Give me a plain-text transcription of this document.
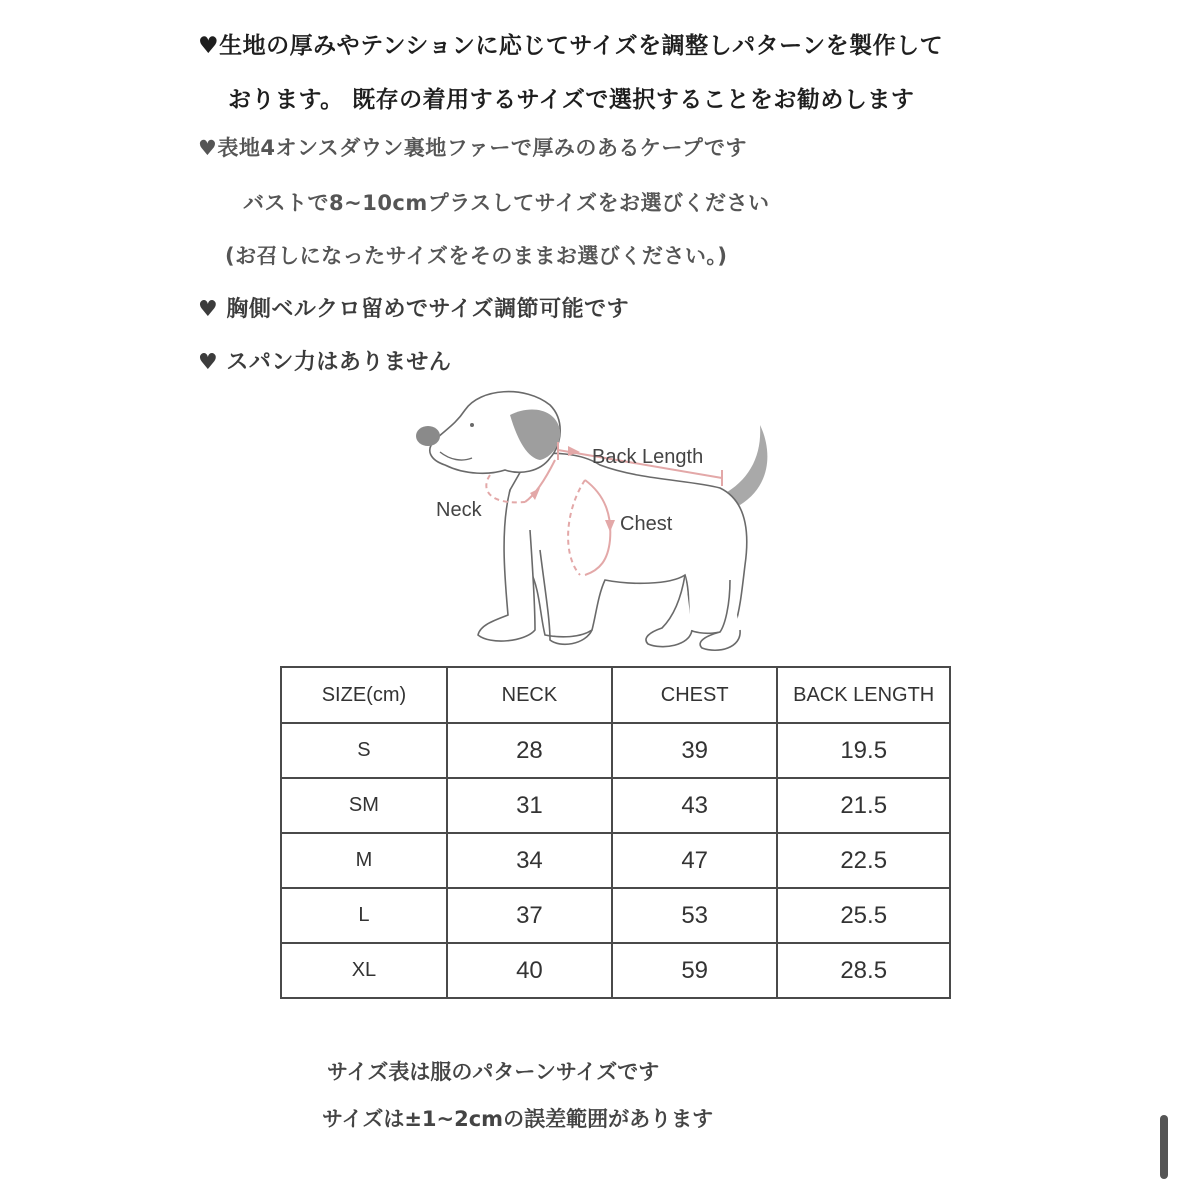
♥生地の厚みやテンションに応じてサイズを調整しパターンを製作して
おります。 既存の着用するサイズで選択することをお勧めします
♥表地4オンスダウン裏地ファーで厚みのあるケープです
バストで8~10cmプラスしてサイズをお選びください
(お召しになったサイズをそのままお選びください。)
♥ 胸側ベルクロ留めでサイズ調節可能です
♥ スパン力はありません
Back Length
Neck
Chest
SIZE(cm)	NECK	CHEST	BACK LENGTH
S	28	39	19.5
SM	31	43	21.5
M	34	47	22.5
L	37	53	25.5
XL	40	59	28.5
サイズ表は服のパターンサイズです
サイズは±1~2cmの誤差範囲があります
